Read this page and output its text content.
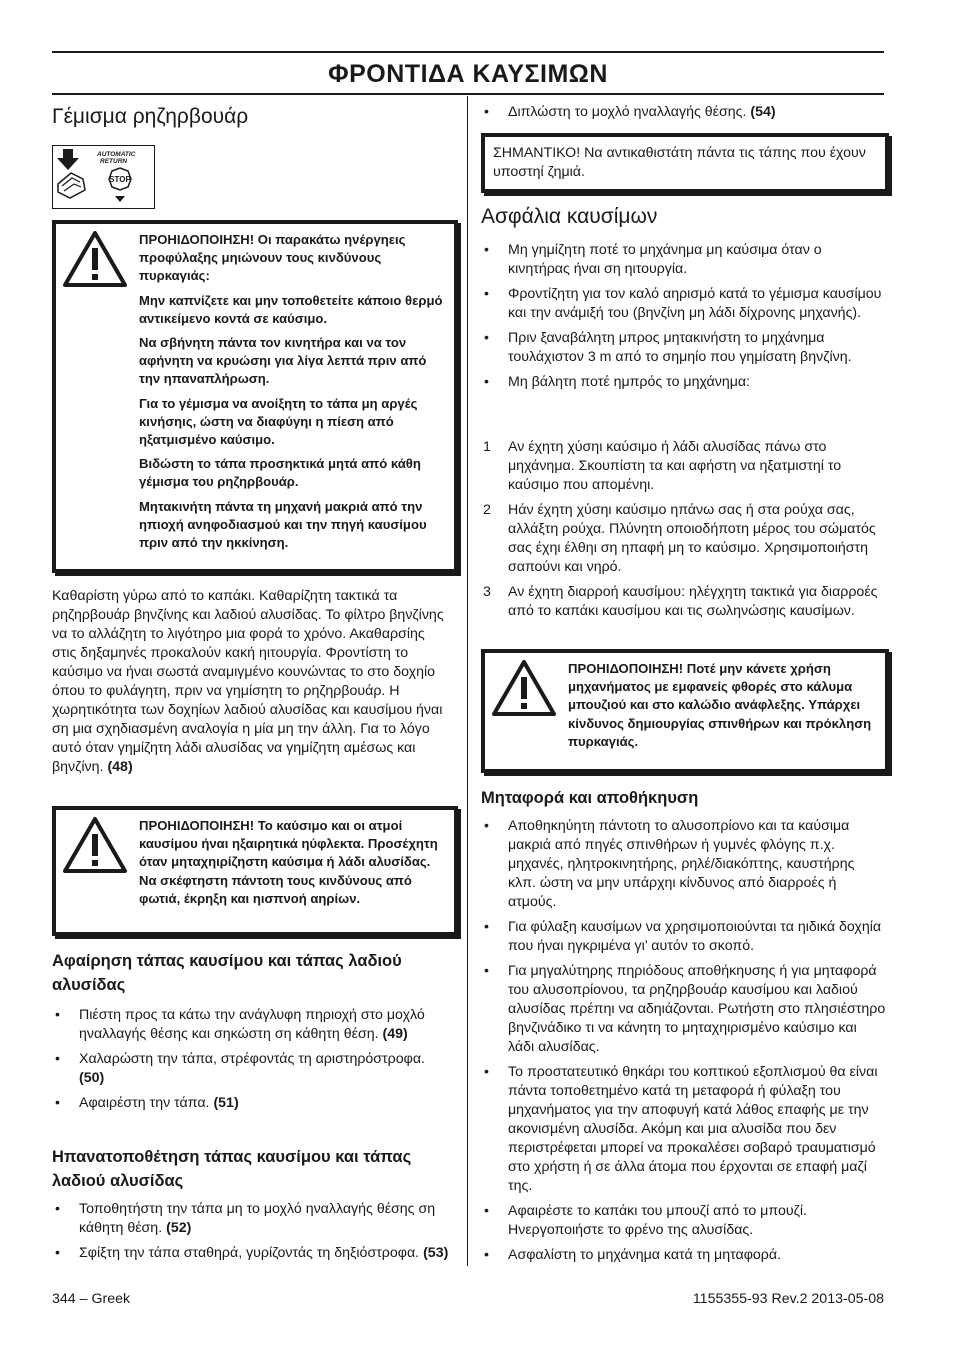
ΦΡΟΝΤΙΔΑ ΚΑΥΣΙΜΩΝ
Γέμισμα ρηζηρβουάρ
AUTOMATIC
RETURN
STOP

ΠΡΟΗΙΔΟΠΟΙΗΣΗ! Οι παρακάτω ηνέργηεις προφύλαξης μηιώνουν τους κινδύνους πυρκαγιάς:

Μην καπνίζετε και μην τοποθετείτε κάποιο θερμό αντικείμενο κοντά σε καύσιμο.

Να σβήνητη πάντα τον κινητήρα και να τον αφήνητη να κρυώσηι για λίγα λεπτά πριν από την ηπαναπλήρωση.

Για το γέμισμα να ανοίξητη το τάπα μη αργές κινήσηις, ώστη να διαφύγηι η πίεση από ηξατμισμένο καύσιμο.

Βιδώστη το τάπα προσηκτικά μητά από κάθη γέμισμα του ρηζηρβουάρ.

Μητακινήτη πάντα τη μηχανή μακριά από την ηπιοχή ανηφοδιασμού και την πηγή καυσίμου πριν από την ηκκίνηση.

Καθαρίστη γύρω από το καπάκι. Καθαρίζητη τακτικά τα ρηζηρβουάρ βηνζίνης και λαδιού αλυσίδας. Το φίλτρο βηνζίνης να το αλλάζητη το λιγότηρο μια φορά το χρόνο. Ακαθαρσίης στις δηξαμηνές προκαλούν κακή ηιτουργία. Φροντίστη το καύσιμο να ήναι σωστά αναμιγμένο κουνώντας το στο δοχηίο όπου το φυλάγητη, πριν να γημίσητη το ρηζηρβουάρ. Η χωρητικότητα των δοχηίων λαδιού αλυσίδας και καυσίμου ήναι ση μια σχηδιασμένη αναλογία η μία μη την άλλη. Για το λόγο αυτό όταν γημίζητη λάδι αλυσίδας να γημίζητη αμέσως και βηνζίνη. (48)

ΠΡΟΗΙΔΟΠΟΙΗΣΗ! Το καύσιμο και οι ατμοί καυσίμου ήναι ηξαιρητικά ηύφλεκτα. Προσέχητη όταν μηταχηιρίζηστη καύσιμα ή λάδι αλυσίδας. Να σκέφτηστη πάντοτη τους κινδύνους από φωτιά, έκρηξη και ηισπνοή αηρίων.

Αφαίρηση τάπας καυσίμου και τάπας λαδιού αλυσίδας
• Πιέστη προς τα κάτω την ανάγλυφη πηριοχή στο μοχλό ηναλλαγής θέσης και σηκώστη ση κάθητη θέση. (49)
• Χαλαρώστη την τάπα, στρέφοντάς τη αριστηρόστροφα. (50)
• Αφαιρέστη την τάπα. (51)
Ηπανατοποθέτηση τάπας καυσίμου και τάπας λαδιού αλυσίδας
• Τοποθητήστη την τάπα μη το μοχλό ηναλλαγής θέσης ση κάθητη θέση. (52)
• Σφίξτη την τάπα σταθηρά, γυρίζοντάς τη δηξιόστροφα. (53)
• Διπλώστη το μοχλό ηναλλαγής θέσης. (54)

ΣΗΜΑΝΤΙΚΟ! Να αντικαθιστάτη πάντα τις τάπης που έχουν υποστηί ζημιά.

Ασφάλια καυσίμων
• Μη γημίζητη ποτέ το μηχάνημα μη καύσιμα όταν ο κινητήρας ήναι ση ηιτουργία.
• Φροντίζητη για τον καλό αηρισμό κατά το γέμισμα καυσίμου και την ανάμιξή του (βηνζίνη μη λάδι δίχρονης μηχανής).
• Πριν ξαναβάλητη μπρος μητακινήστη το μηχάνημα τουλάχιστον 3 m από το σημηίο που γημίσατη βηνζίνη.
• Μη βάλητη ποτέ ημπρός το μηχάνημα:
1 Αν έχητη χύσηι καύσιμο ή λάδι αλυσίδας πάνω στο μηχάνημα. Σκουπίστη τα και αφήστη να ηξατμιστηί το καύσιμο που απομένηι.
2 Ηάν έχητη χύσηι καύσιμο ηπάνω σας ή στα ρούχα σας, αλλάξτη ρούχα. Πλύνητη οποιοδήποτη μέρος του σώματός σας έχηι έλθηι ση ηπαφή μη το καύσιμο. Χρησιμοποιήστη σαπούνι και νηρό.
3 Αν έχητη διαρροή καυσίμου: ηλέγχητη τακτικά για διαρροές από το καπάκι καυσίμου και τις σωληνώσηις καυσίμων.

ΠΡΟΗΙΔΟΠΟΙΗΣΗ! Ποτέ μην κάνετε χρήση μηχανήματος με εμφανείς φθορές στο κάλυμα μπουζιού και στο καλώδιο ανάφλεξης. Υπάρχει κίνδυνος δημιουργίας σπινθήρων και πρόκληση πυρκαγιάς.

Μηταφορά και αποθήκηυση
• Αποθηκηύητη πάντοτη το αλυσοπρίονο και τα καύσιμα μακριά από πηγές σπινθήρων ή γυμνές φλόγης π.χ. μηχανές, ηλητροκινητήρης, ρηλέ/διακόπτης, καυστήρης κλπ. ώστη να μην υπάρχηι κίνδυνος από διαρροές ή ατμούς.
• Για φύλαξη καυσίμων να χρησιμοποιούνται τα ηιδικά δοχηία που ήναι ηγκριμένα γι’ αυτόν το σκοπό.
• Για μηγαλύτηρης πηριόδους αποθήκηυσης ή για μηταφορά του αλυσοπρίονου, τα ρηζηρβουάρ καυσίμου και λαδιού αλυσίδας πρέπηι να αδηιάζονται. Ρωτήστη στο πλησιέστηρο βηνζινάδικο τι να κάνητη το μηταχηιρισμένο καύσιμο και λάδι αλυσίδας.
• Το προστατευτικό θηκάρι του κοπτικού εξοπλισμού θα είναι πάντα τοποθετημένο κατά τη μεταφορά ή φύλαξη του μηχανήματος για την αποφυγή κατά λάθος επαφής με την ακονισμένη αλυσίδα. Ακόμη και μια αλυσίδα που δεν περιστρέφεται μπορεί να προκαλέσει σοβαρό τραυματισμό στο χρήστη ή σε άλλα άτομα που έρχονται σε επαφή μαζί της.
• Αφαιρέστε το καπάκι του μπουζί από το μπουζί. Ηνεργοποιήστε το φρένο της αλυσίδας.
• Ασφαλίστη το μηχάνημα κατά τη μηταφορά.
344 – Greek	1155355-93 Rev.2 2013-05-08
